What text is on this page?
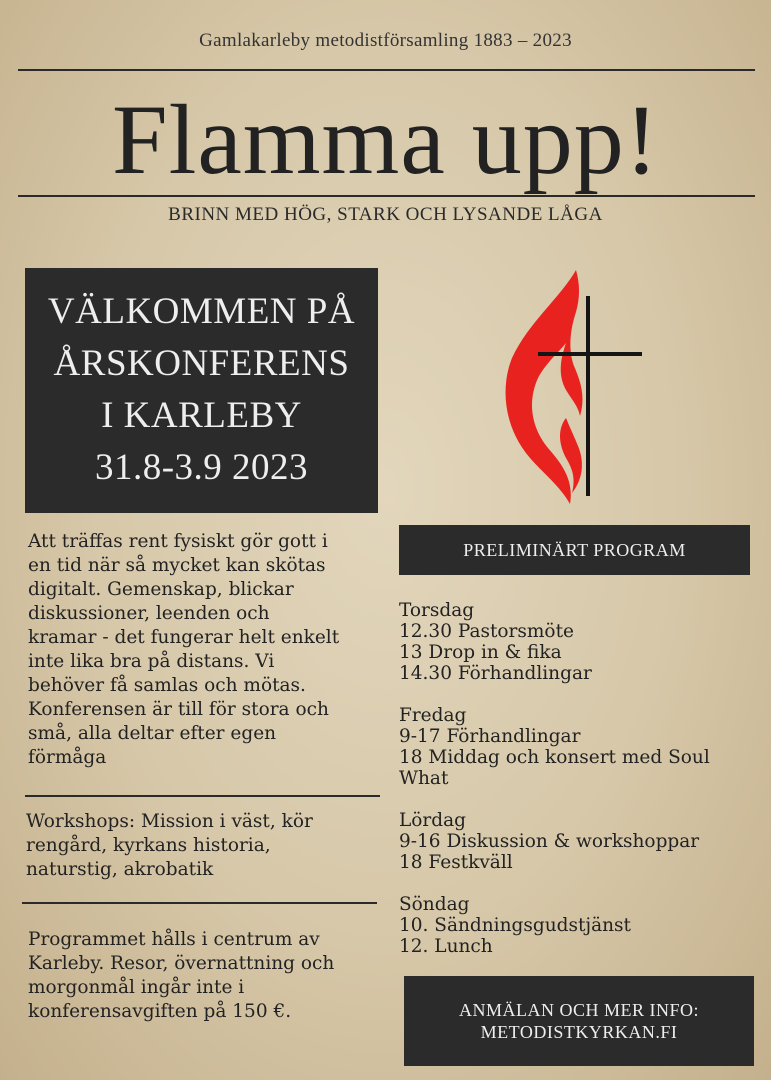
Gamlakarleby metodistförsamling 1883 – 2023
Flamma upp!
BRINN MED HÖG, STARK OCH LYSANDE LÅGA
VÄLKOMMEN PÅ
ÅRSKONFERENS
I KARLEBY
31.8-3.9 2023
Att träffas rent fysiskt gör gott i
en tid när så mycket kan skötas
digitalt. Gemenskap, blickar
diskussioner, leenden och
kramar - det fungerar helt enkelt
inte lika bra på distans. Vi
behöver få samlas och mötas.
Konferensen är till för stora och
små, alla deltar efter egen
förmåga
Workshops: Mission i väst, kör
rengård, kyrkans historia,
naturstig, akrobatik
Programmet hålls i centrum av
Karleby. Resor, övernattning och
morgonmål ingår inte i
konferensavgiften på 150 €.
PRELIMINÄRT PROGRAM
Torsdag
12.30 Pastorsmöte
13 Drop in & fika
14.30 Förhandlingar
Fredag
9-17 Förhandlingar
18 Middag och konsert med Soul
What
Lördag
9-16 Diskussion & workshoppar
18 Festkväll
Söndag
10. Sändningsgudstjänst
12. Lunch
ANMÄLAN OCH MER INFO:
METODISTKYRKAN.FI
